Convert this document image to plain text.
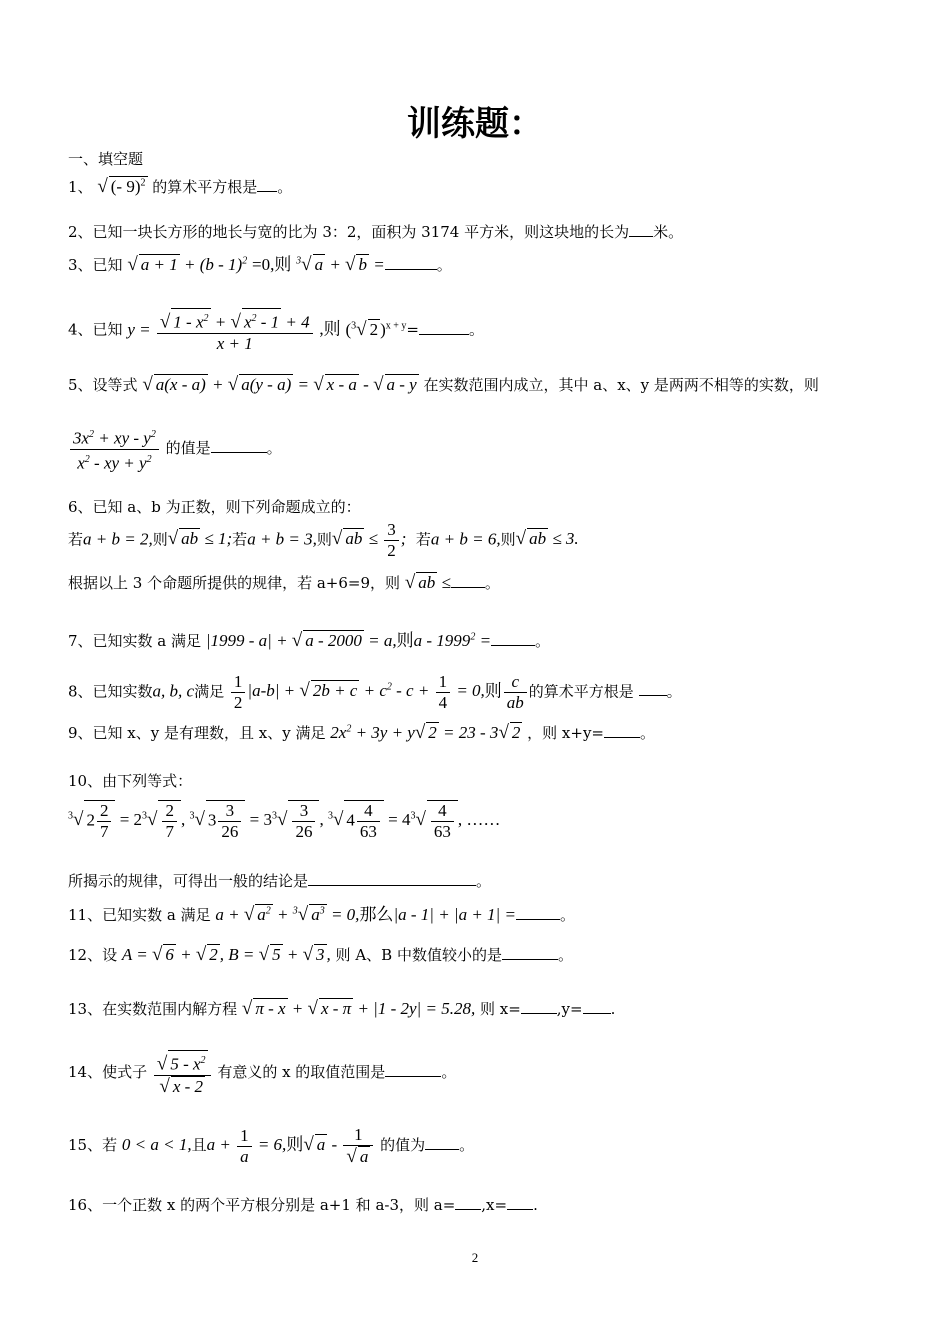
训练题：
一、填空题
1、 √ (- 9)$^2$ 的算术平方根是 。
2、已知一块长方形的地长与宽的比为 3：2，面积为 3174 平方米，则这块地的长为 米。
3、已知 √ a + 1 + (b - 1)$^2$ =0,则 $^3$√ a + √ b =	。
4、已知 $y = \frac{√ 1 - x^2 + √ x^2 - 1 + 4}{x + 1}$ ,则 ($^3$√ 2 )$^{x + y}$=	。
5、设等式 √ a(x - a) + √ a(y - a) = √ x - a - √ a - y 在实数范围内成立，其中 a、x、y 是两两不相等的实数，则
$\frac{3x^2 + xy - y^2}{x^2 - xy + y^2}$ 的值是	。
6、已知 a、b 为正数，则下列命题成立的：
若a + b = 2,则√ ab ≤ 1;若a + b = 3,则√ ab ≤ $\frac{3}{2}$ ; 若a + b = 6,则√ ab ≤ 3.
根据以上 3 个命题所提供的规律，若 a+6=9，则 √ ab ≤ 。
7、已知实数 a 满足 |1999 - a| + √ a - 2000 = a,则a - $1999^2$ =	。
8、已知实数a, b, c满足 $\frac{1}{2} |a-b|$ + √ $2b + c + c^2 - c + \frac{1}{4} = 0$,则 $\frac{c}{ab}$ 的算术平方根是 。
9、已知 x、y 是有理数，且 x、y 满足 $2x^2 + 3y + y√$ 2 = 23 - 3√ 2 ，则 x+y= 。
10、由下列等式：
$^3$√ $2 \frac{2}{7} = 2^3√ \frac{2}{7}$ , $^3$√ $3 \frac{3}{26} = 3^3√ \frac{3}{26}$ , $^3$√ $4 \frac{4}{63} = 4^3√ \frac{4}{63}$ , ……
所揭示的规律，可得出一般的结论是	。
11、已知实数 a 满足 a + √ $a^2 + ^3√$ $a^3 = 0$,那么|a - 1| + |a + 1| =	。
12、设 A = √ 6 + √ 2 , B = √ 5 + √ 3 , 则 A、B 中数值较小的是	。
13、在实数范围内解方程 √ π - x + √ x - π + |1 - 2y| = 5.28, 则 x= ,y= .
14、使式子 $\frac{√ 5 - x^2}{√ x - 2}$ 有意义的 x 的取值范围是	。
15、若 0 < a < 1,且$a + \frac{1}{a} = 6$,则√ a - $\frac{1}{√ a}$ 的值为 。
16、一个正数 x 的两个平方根分别是 a+1 和 a-3，则 a= ,x= .
2
